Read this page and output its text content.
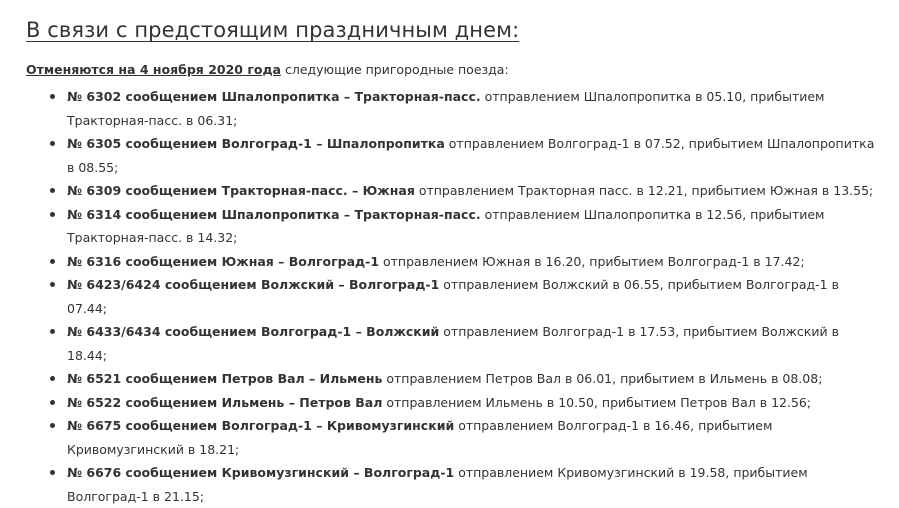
В связи с предстоящим праздничным днем:

Отменяются на 4 ноября 2020 года следующие пригородные поезда:

№ 6302 сообщением Шпалопропитка – Тракторная-пасс. отправлением Шпалопропитка в 05.10, прибытием Тракторная-пасс. в 06.31;
№ 6305 сообщением Волгоград-1 – Шпалопропитка отправлением Волгоград-1 в 07.52, прибытием Шпалопропитка в 08.55;
№ 6309 сообщением Тракторная-пасс. – Южная отправлением Тракторная пасс. в 12.21, прибытием Южная в 13.55;
№ 6314 сообщением Шпалопропитка – Тракторная-пасс. отправлением Шпалопропитка в 12.56, прибытием Тракторная-пасс. в 14.32;
№ 6316 сообщением Южная – Волгоград-1 отправлением Южная в 16.20, прибытием Волгоград-1 в 17.42;
№ 6423/6424 сообщением Волжский – Волгоград-1 отправлением Волжский в 06.55, прибытием Волгоград-1 в 07.44;
№ 6433/6434 сообщением Волгоград-1 – Волжский отправлением Волгоград-1 в 17.53, прибытием Волжский в 18.44;
№ 6521 сообщением Петров Вал – Ильмень отправлением Петров Вал в 06.01, прибытием в Ильмень в 08.08;
№ 6522 сообщением Ильмень – Петров Вал отправлением Ильмень в 10.50, прибытием Петров Вал в 12.56;
№ 6675 сообщением Волгоград-1 – Кривомузгинский отправлением Волгоград-1 в 16.46, прибытием Кривомузгинский в 18.21;
№ 6676 сообщением Кривомузгинский – Волгоград-1 отправлением Кривомузгинский в 19.58, прибытием Волгоград-1 в 21.15;
